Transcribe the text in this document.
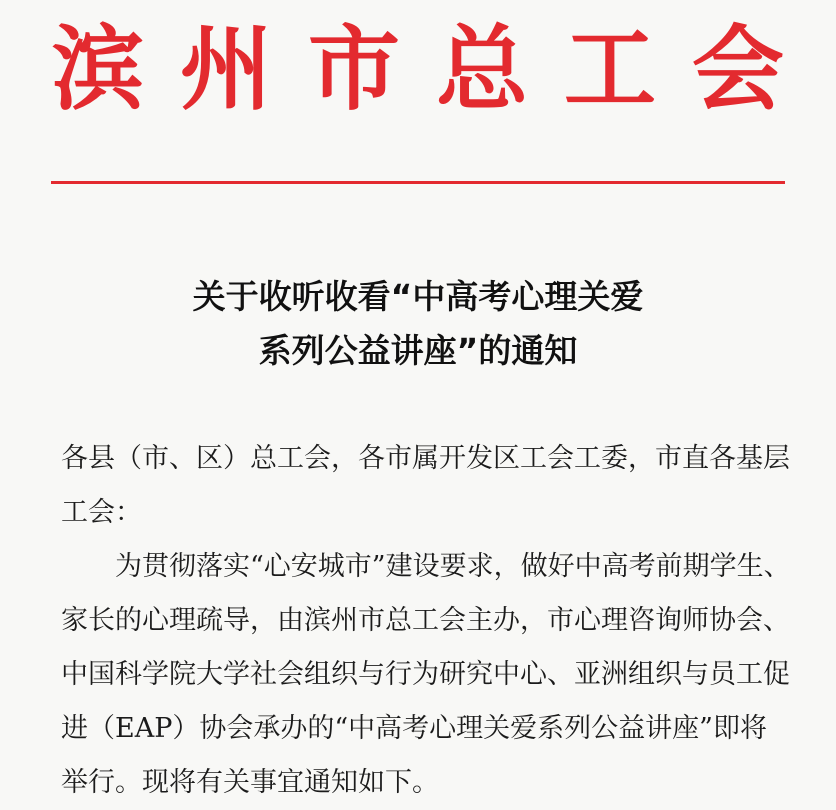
滨 州 市 总 工 会
关于收听收看“中高考心理关爱
系列公益讲座”的通知
各县（市、区）总工会，各市属开发区工会工委，市直各基层
工会：
为贯彻落实“心安城市”建设要求，做好中高考前期学生、
家长的心理疏导，由滨州市总工会主办，市心理咨询师协会、
中国科学院大学社会组织与行为研究中心、亚洲组织与员工促
进（EAP）协会承办的“中高考心理关爱系列公益讲座”即将
举行。现将有关事宜通知如下。
